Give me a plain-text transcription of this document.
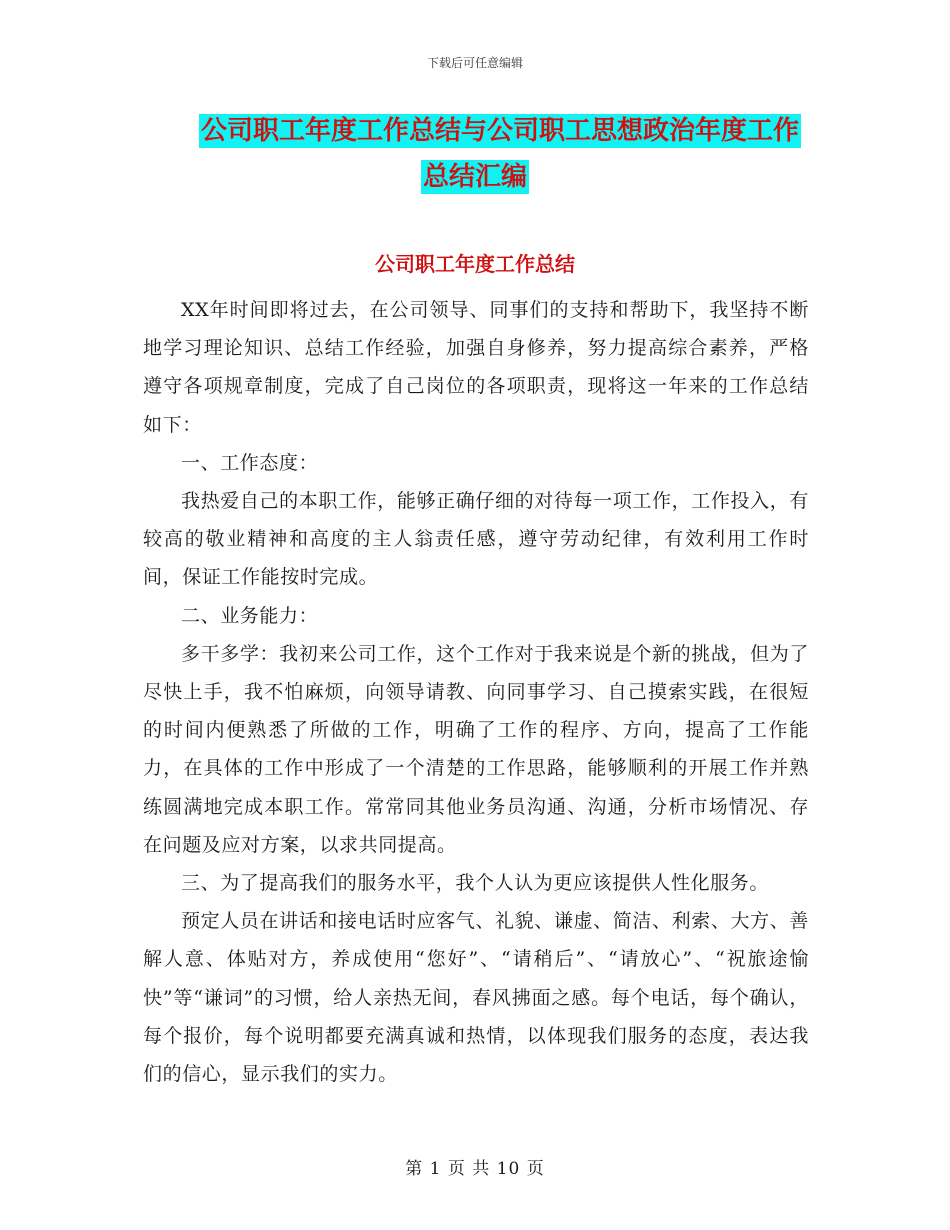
下载后可任意编辑
公司职工年度工作总结与公司职工思想政治年度工作
总结汇编
公司职工年度工作总结

XX年时间即将过去，在公司领导、同事们的支持和帮助下，我坚持不断地学习理论知识、总结工作经验，加强自身修养，努力提高综合素养，严格遵守各项规章制度，完成了自己岗位的各项职责，现将这一年来的工作总结如下：

一、工作态度：

我热爱自己的本职工作，能够正确仔细的对待每一项工作，工作投入，有较高的敬业精神和高度的主人翁责任感，遵守劳动纪律，有效利用工作时间，保证工作能按时完成。

二、业务能力：

多干多学：我初来公司工作，这个工作对于我来说是个新的挑战，但为了尽快上手，我不怕麻烦，向领导请教、向同事学习、自己摸索实践，在很短的时间内便熟悉了所做的工作，明确了工作的程序、方向，提高了工作能力，在具体的工作中形成了一个清楚的工作思路，能够顺利的开展工作并熟练圆满地完成本职工作。常常同其他业务员沟通、沟通，分析市场情况、存在问题及应对方案，以求共同提高。

三、为了提高我们的服务水平，我个人认为更应该提供人性化服务。

预定人员在讲话和接电话时应客气、礼貌、谦虚、简洁、利索、大方、善解人意、体贴对方，养成使用“您好”、“请稍后”、“请放心”、“祝旅途愉快”等“谦词”的习惯，给人亲热无间，春风拂面之感。每个电话，每个确认，每个报价，每个说明都要充满真诚和热情，以体现我们服务的态度，表达我们的信心，显示我们的实力。

第 1 页 共 10 页
